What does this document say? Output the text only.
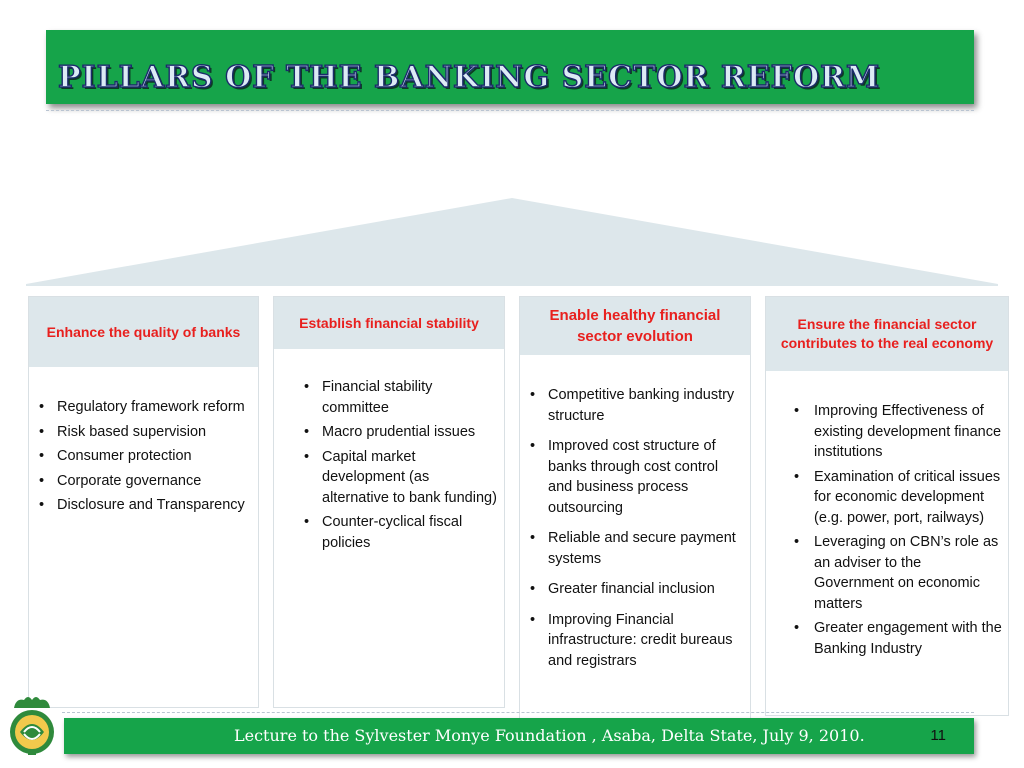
PILLARS OF THE BANKING SECTOR REFORM
Enhance the quality of banks
• Regulatory framework reform
• Risk based supervision
• Consumer protection
• Corporate governance
• Disclosure and Transparency
Establish financial stability
• Financial stability committee
• Macro prudential issues
• Capital market development (as alternative to bank funding)
• Counter-cyclical fiscal policies
Enable healthy financial sector evolution
• Competitive banking industry structure
• Improved cost structure of banks through cost control and business process outsourcing
• Reliable and secure payment systems
• Greater financial inclusion
• Improving Financial infrastructure: credit bureaus and registrars
Ensure the financial sector contributes to the real economy
• Improving Effectiveness of existing development finance institutions
• Examination of critical issues for economic development (e.g. power, port, railways)
• Leveraging on CBN’s role as an adviser to the Government on economic matters
• Greater engagement with the Banking Industry
Lecture to the Sylvester Monye Foundation , Asaba, Delta State, July 9, 2010.	11
